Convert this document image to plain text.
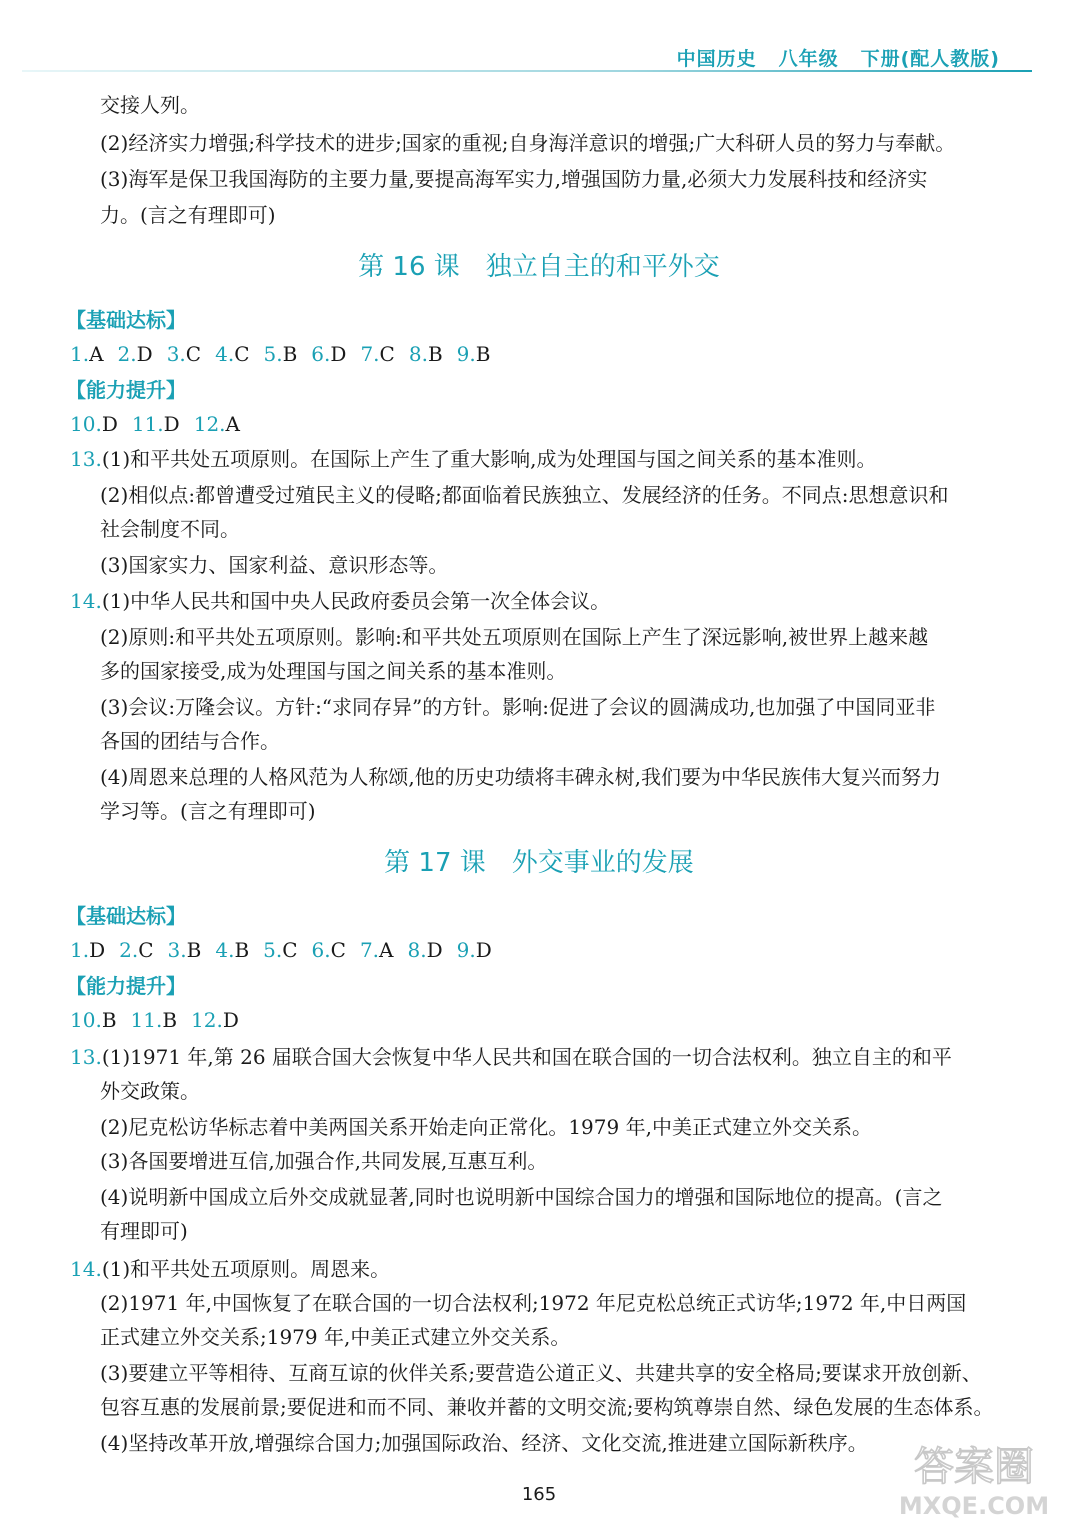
中国历史 八年级 下册(配人教版)
交接人列。
(2)经济实力增强;科学技术的进步;国家的重视;自身海洋意识的增强;广大科研人员的努力与奉献。
(3)海军是保卫我国海防的主要力量,要提高海军实力,增强国防力量,必须大力发展科技和经济实
力。(言之有理即可)
第 16 课 独立自主的和平外交
【基础达标】
1.A 2.D 3.C 4.C 5.B 6.D 7.C 8.B 9.B
【能力提升】
10.D 11.D 12.A
13.(1)和平共处五项原则。在国际上产生了重大影响,成为处理国与国之间关系的基本准则。
(2)相似点:都曾遭受过殖民主义的侵略;都面临着民族独立、发展经济的任务。不同点:思想意识和
社会制度不同。
(3)国家实力、国家利益、意识形态等。
14.(1)中华人民共和国中央人民政府委员会第一次全体会议。
(2)原则:和平共处五项原则。影响:和平共处五项原则在国际上产生了深远影响,被世界上越来越
多的国家接受,成为处理国与国之间关系的基本准则。
(3)会议:万隆会议。方针:“求同存异”的方针。影响:促进了会议的圆满成功,也加强了中国同亚非
各国的团结与合作。
(4)周恩来总理的人格风范为人称颂,他的历史功绩将丰碑永树,我们要为中华民族伟大复兴而努力
学习等。(言之有理即可)
第 17 课 外交事业的发展
【基础达标】
1.D 2.C 3.B 4.B 5.C 6.C 7.A 8.D 9.D
【能力提升】
10.B 11.B 12.D
13.(1)1971 年,第 26 届联合国大会恢复中华人民共和国在联合国的一切合法权利。独立自主的和平
外交政策。
(2)尼克松访华标志着中美两国关系开始走向正常化。1979 年,中美正式建立外交关系。
(3)各国要增进互信,加强合作,共同发展,互惠互利。
(4)说明新中国成立后外交成就显著,同时也说明新中国综合国力的增强和国际地位的提高。(言之
有理即可)
14.(1)和平共处五项原则。周恩来。
(2)1971 年,中国恢复了在联合国的一切合法权利;1972 年尼克松总统正式访华;1972 年,中日两国
正式建立外交关系;1979 年,中美正式建立外交关系。
(3)要建立平等相待、互商互谅的伙伴关系;要营造公道正义、共建共享的安全格局;要谋求开放创新、
包容互惠的发展前景;要促进和而不同、兼收并蓄的文明交流;要构筑尊崇自然、绿色发展的生态体系。
(4)坚持改革开放,增强综合国力;加强国际政治、经济、文化交流,推进建立国际新秩序。
165
答案圈
MXQE.COM
